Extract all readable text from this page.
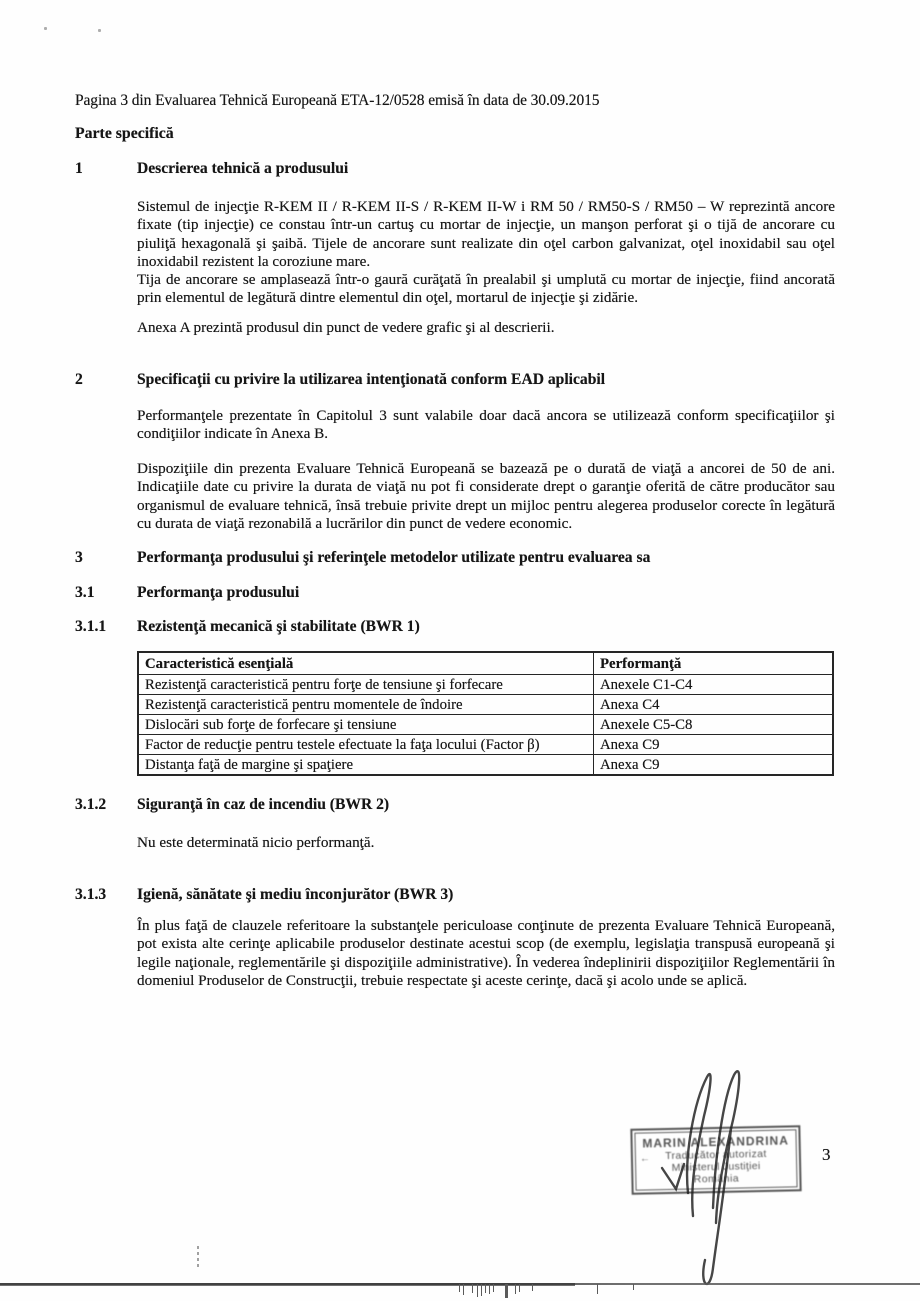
Pagina 3 din Evaluarea Tehnică Europeană ETA-12/0528 emisă în data de 30.09.2015
Parte specifică
1	Descrierea tehnică a produsului
Sistemul de injecţie R-KEM II / R-KEM II-S / R-KEM II-W i RM 50 / RM50-S / RM50 – W reprezintă ancore fixate (tip injecţie) ce constau într-un cartuş cu mortar de injecţie, un manşon perforat şi o tijă de ancorare cu piuliţă hexagonală şi şaibă. Tijele de ancorare sunt realizate din oţel carbon galvanizat, oţel inoxidabil sau oţel inoxidabil rezistent la coroziune mare.
Tija de ancorare se amplasează într-o gaură curăţată în prealabil şi umplută cu mortar de injecţie, fiind ancorată prin elementul de legătură dintre elementul din oţel, mortarul de injecţie şi zidărie.
Anexa A prezintă produsul din punct de vedere grafic şi al descrierii.
2	Specificaţii cu privire la utilizarea intenţionată conform EAD aplicabil
Performanţele prezentate în Capitolul 3 sunt valabile doar dacă ancora se utilizează conform specificaţiilor şi condiţiilor indicate în Anexa B.
Dispoziţiile din prezenta Evaluare Tehnică Europeană se bazează pe o durată de viaţă a ancorei de 50 de ani. Indicaţiile date cu privire la durata de viaţă nu pot fi considerate drept o garanţie oferită de către producător sau organismul de evaluare tehnică, însă trebuie privite drept un mijloc pentru alegerea produselor corecte în legătură cu durata de viaţă rezonabilă a lucrărilor din punct de vedere economic.
3	Performanţa produsului şi referinţele metodelor utilizate pentru evaluarea sa
3.1	Performanţa produsului
3.1.1	Rezistenţă mecanică şi stabilitate (BWR 1)
Caracteristică esenţială	Performanţă
Rezistenţă caracteristică pentru forţe de tensiune şi forfecare	Anexele C1-C4
Rezistenţă caracteristică pentru momentele de îndoire	Anexa C4
Dislocări sub forţe de forfecare şi tensiune	Anexele C5-C8
Factor de reducţie pentru testele efectuate la faţa locului (Factor β)	Anexa C9
Distanţa faţă de margine şi spaţiere	Anexa C9
3.1.2	Siguranţă în caz de incendiu (BWR 2)
Nu este determinată nicio performanţă.
3.1.3	Igienă, sănătate şi mediu înconjurător (BWR 3)
În plus faţă de clauzele referitoare la substanţele periculoase conţinute de prezenta Evaluare Tehnică Europeană, pot exista alte cerinţe aplicabile produselor destinate acestui scop (de exemplu, legislaţia transpusă europeană şi legile naţionale, reglementările şi dispoziţiile administrative). În vederea îndeplinirii dispoziţiilor Reglementării în domeniul Produselor de Construcţii, trebuie respectate şi aceste cerinţe, dacă şi acolo unde se aplică.
←
MARIN ALEXANDRINA
Traducător autorizat
Ministerul Justiţiei
România
3
